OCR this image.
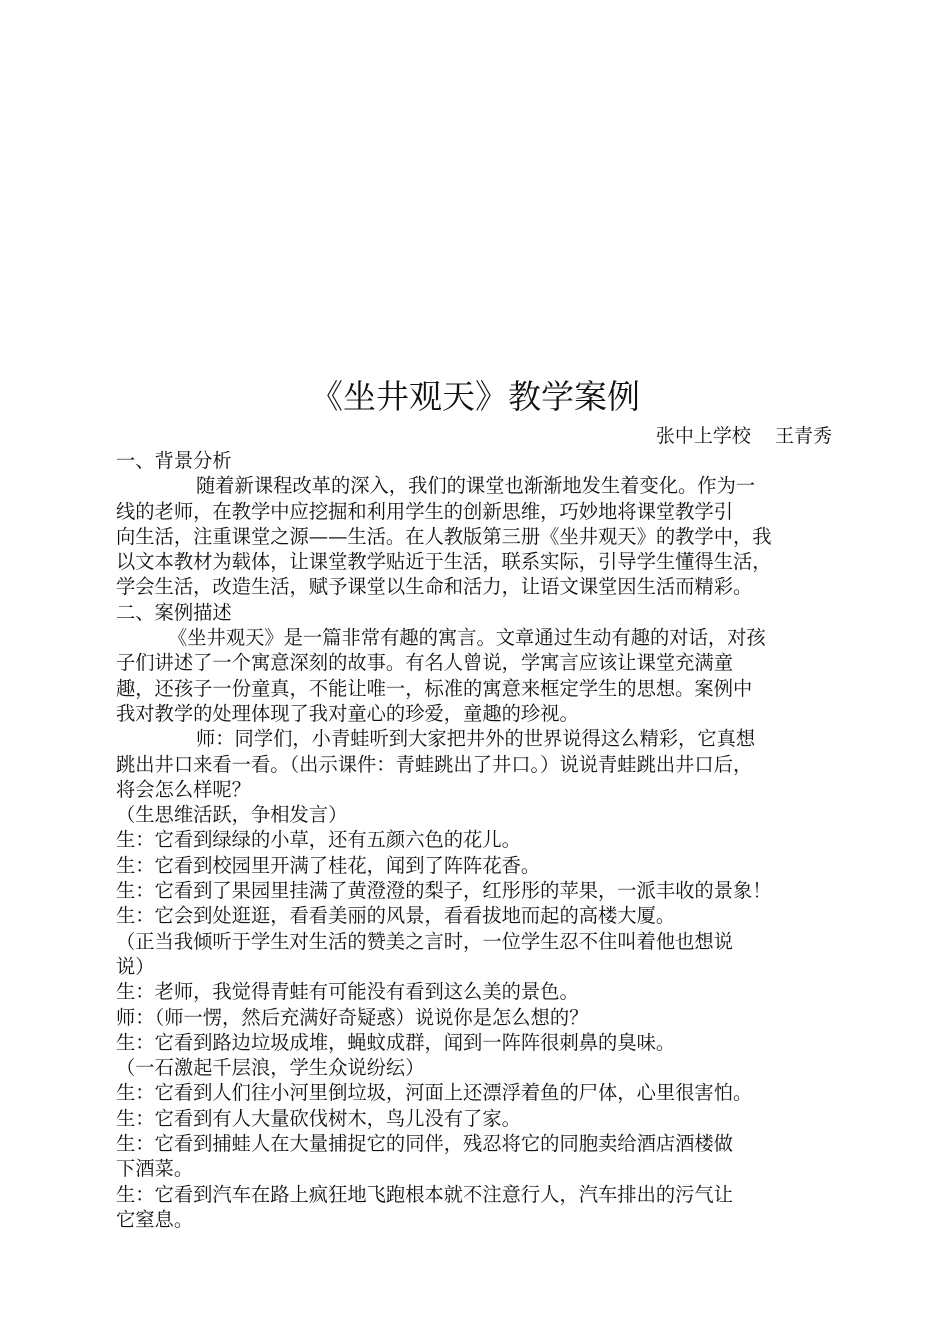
《坐井观天》教学案例
张中上学校    王青秀
一、背景分析
随着新课程改革的深入，我们的课堂也渐渐地发生着变化。作为一
线的老师，在教学中应挖掘和利用学生的创新思维，巧妙地将课堂教学引
向生活，注重课堂之源——生活。在人教版第三册《坐井观天》的教学中，我
以文本教材为载体，让课堂教学贴近于生活，联系实际，引导学生懂得生活，
学会生活，改造生活，赋予课堂以生命和活力，让语文课堂因生活而精彩。
二、案例描述
《坐井观天》是一篇非常有趣的寓言。文章通过生动有趣的对话，对孩
子们讲述了一个寓意深刻的故事。有名人曾说，学寓言应该让课堂充满童
趣，还孩子一份童真，不能让唯一，标准的寓意来框定学生的思想。案例中
我对教学的处理体现了我对童心的珍爱，童趣的珍视。
师：同学们，小青蛙听到大家把井外的世界说得这么精彩，它真想
跳出井口来看一看。（出示课件：青蛙跳出了井口。）说说青蛙跳出井口后，
将会怎么样呢？
（生思维活跃，争相发言）
生：它看到绿绿的小草，还有五颜六色的花儿。
生：它看到校园里开满了桂花，闻到了阵阵花香。
生：它看到了果园里挂满了黄澄澄的梨子，红彤彤的苹果，一派丰收的景象！
生：它会到处逛逛，看看美丽的风景，看看拔地而起的高楼大厦。
（正当我倾听于学生对生活的赞美之言时，一位学生忍不住叫着他也想说
说）
生：老师，我觉得青蛙有可能没有看到这么美的景色。
师：（师一愣，然后充满好奇疑惑）说说你是怎么想的？
生：它看到路边垃圾成堆，蝇蚊成群，闻到一阵阵很刺鼻的臭味。
（一石激起千层浪，学生众说纷纭）
生：它看到人们往小河里倒垃圾，河面上还漂浮着鱼的尸体，心里很害怕。
生：它看到有人大量砍伐树木，鸟儿没有了家。
生：它看到捕蛙人在大量捕捉它的同伴，残忍将它的同胞卖给酒店酒楼做
下酒菜。
生：它看到汽车在路上疯狂地飞跑根本就不注意行人，汽车排出的污气让
它窒息。
